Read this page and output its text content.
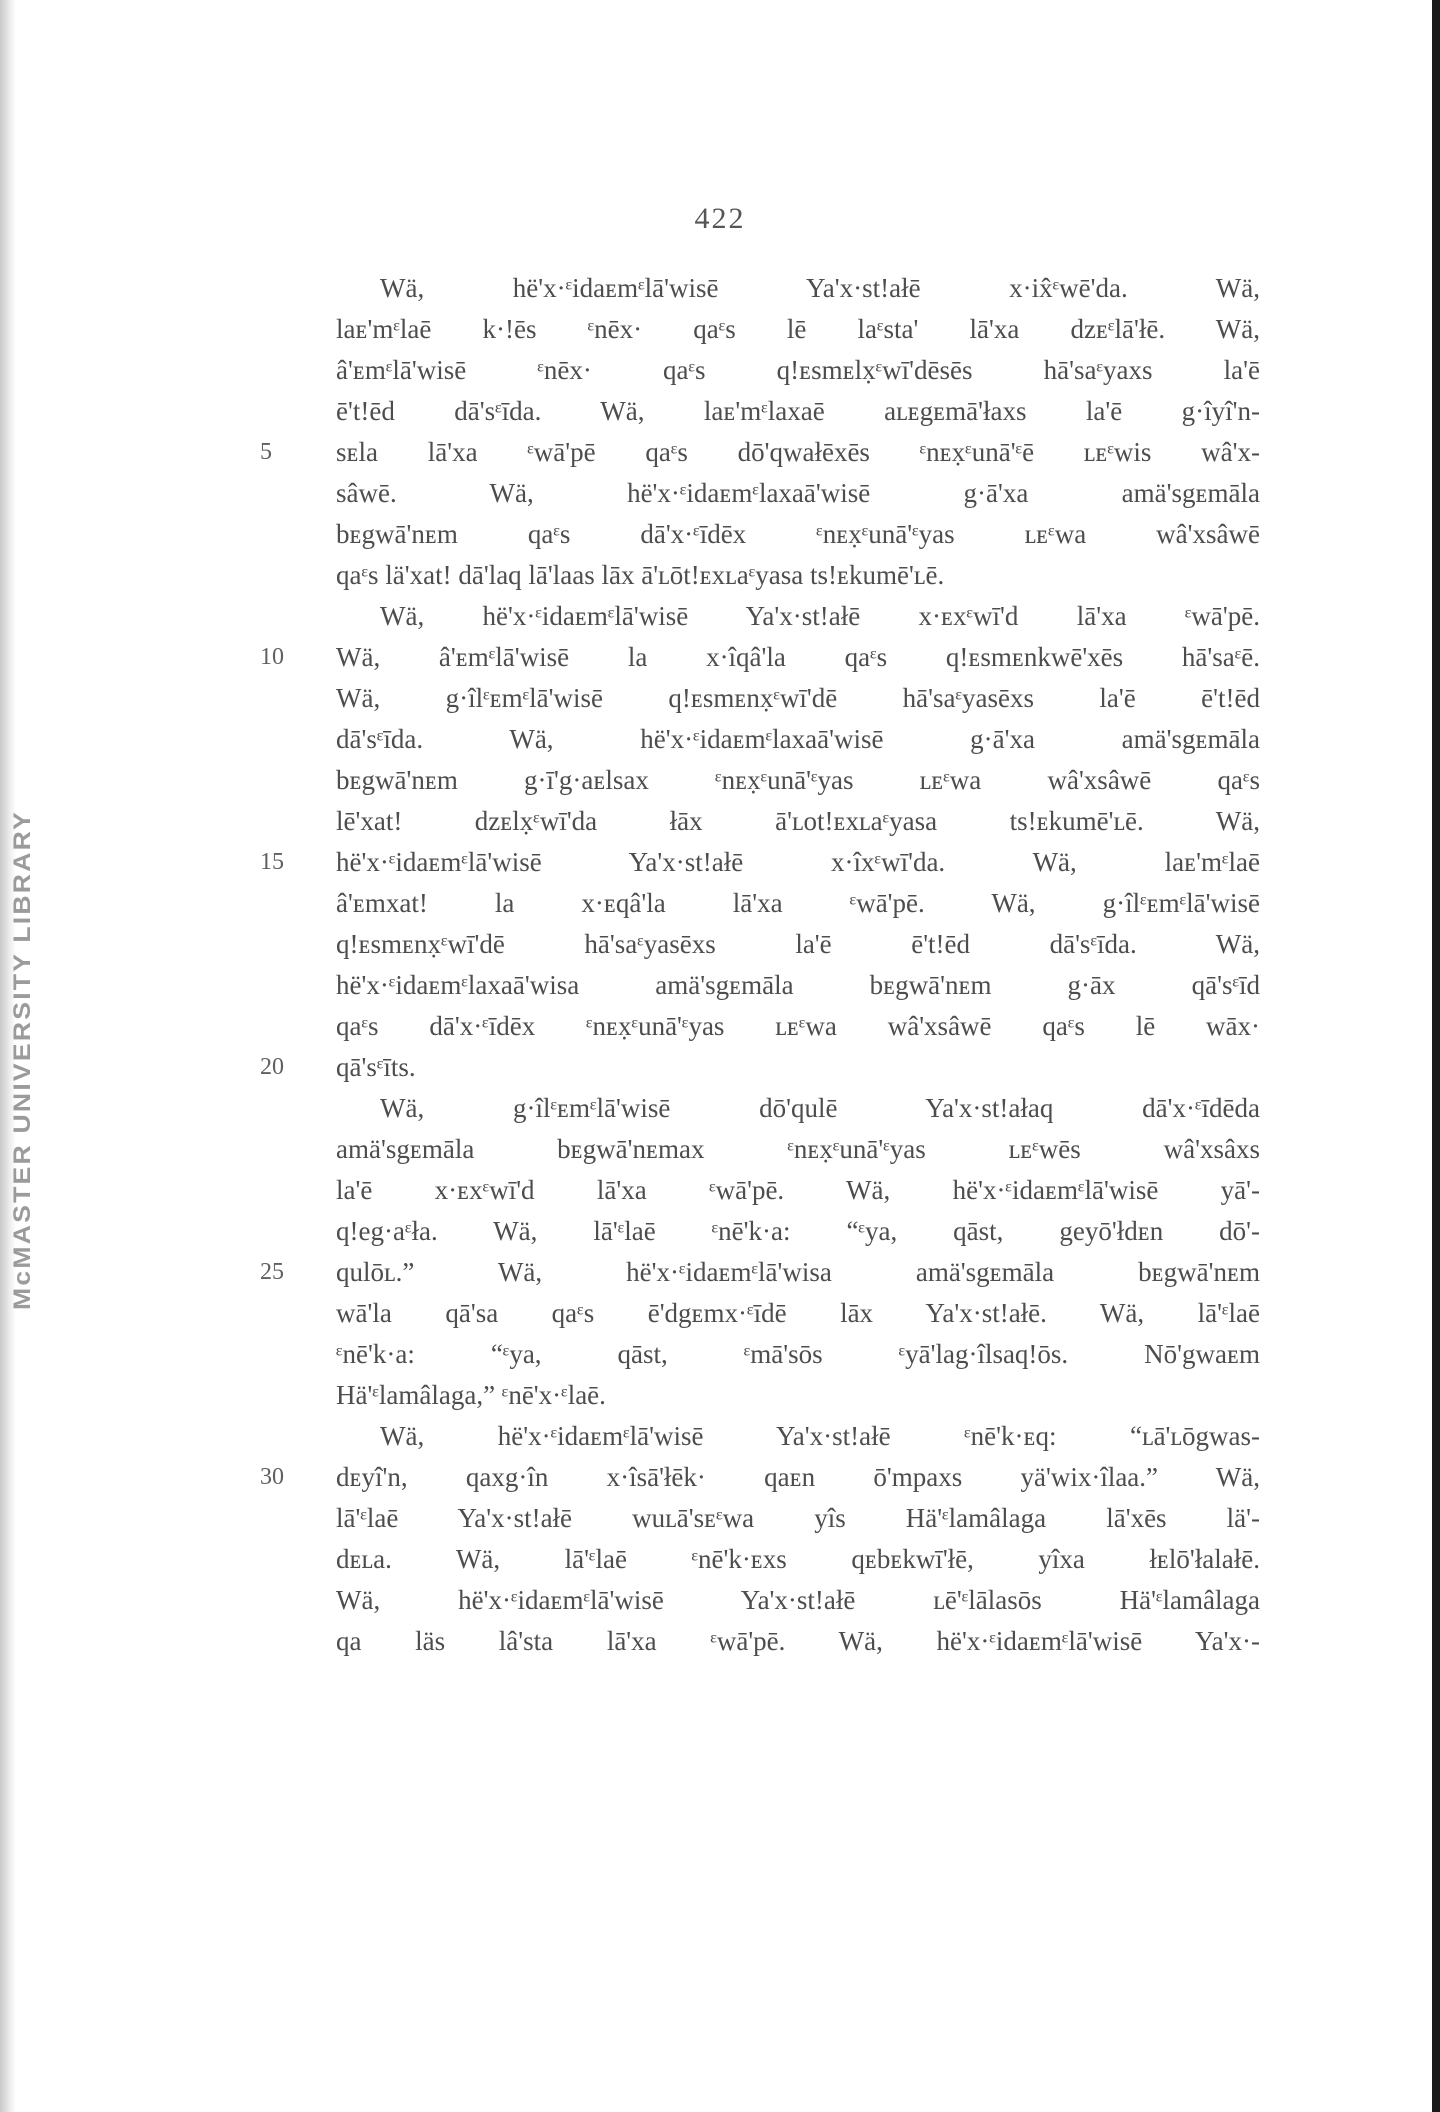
McMASTER UNIVERSITY LIBRARY
422
Wä, hë'x·ᵋidaᴇmᵋlā'wisē Ya'x·st!ałē x·ix̂ᵋwē'da. Wä,
laᴇ'mᵋlaē k·!ēs ᵋnēx· qaᵋs lē laᵋsta' lā'xa dzᴇᵋlā'łē. Wä,
â'ᴇmᵋlā'wisē ᵋnēx· qaᵋs q!ᴇsmᴇlx̣ᵋwī'dēsēs hā'saᵋyaxs la'ē
ē't!ēd dā'sᵋīda. Wä, laᴇ'mᵋlaxaē aʟᴇgᴇmā'łaxs la'ē g·îyî'n-
5	sᴇla lā'xa ᵋwā'pē qaᵋs dō'qwałēxēs ᵋnᴇx̣ᵋunā'ᵋē ʟᴇᵋwis wâ'x-
sâwē. Wä, hë'x·ᵋidaᴇmᵋlaxaā'wisē g·ā'xa amä'sgᴇmāla
bᴇgwā'nᴇm qaᵋs dā'x·ᵋīdēx ᵋnᴇx̣ᵋunā'ᵋyas ʟᴇᵋwa wâ'xsâwē
qaᵋs lä'xat! dā'laq lā'laas lāx ā'ʟōt!ᴇxʟaᵋyasa ts!ᴇkumē'ʟē.
Wä, hë'x·ᵋidaᴇmᵋlā'wisē Ya'x·st!ałē x·ᴇxᵋwī'd lā'xa ᵋwā'pē.
10	Wä, â'ᴇmᵋlā'wisē la x·îqâ'la qaᵋs q!ᴇsmᴇnkwē'xēs hā'saᵋē.
Wä, g·îlᵋᴇmᵋlā'wisē q!ᴇsmᴇnx̣ᵋwī'dē hā'saᵋyasēxs la'ē ē't!ēd
dā'sᵋīda. Wä, hë'x·ᵋidaᴇmᵋlaxaā'wisē g·ā'xa amä'sgᴇmāla
bᴇgwā'nᴇm g·ī'g·aᴇlsax ᵋnᴇx̣ᵋunā'ᵋyas ʟᴇᵋwa wâ'xsâwē qaᵋs
lē'xat! dzᴇlx̣ᵋwī'da łāx ā'ʟot!ᴇxʟaᵋyasa ts!ᴇkumē'ʟē. Wä,
15	hë'x·ᵋidaᴇmᵋlā'wisē Ya'x·st!ałē x·îxᵋwī'da. Wä, laᴇ'mᵋlaē
â'ᴇmxat! la x·ᴇqâ'la lā'xa ᵋwā'pē. Wä, g·îlᵋᴇmᵋlā'wisē
q!ᴇsmᴇnx̣ᵋwī'dē hā'saᵋyasēxs la'ē ē't!ēd dā'sᵋīda. Wä,
hë'x·ᵋidaᴇmᵋlaxaā'wisa amä'sgᴇmāla bᴇgwā'nᴇm g·āx qā'sᵋīd
qaᵋs dā'x·ᵋīdēx ᵋnᴇx̣ᵋunā'ᵋyas ʟᴇᵋwa wâ'xsâwē qaᵋs lē wāx·
20	qā'sᵋīts.
Wä, g·îlᵋᴇmᵋlā'wisē dō'qulē Ya'x·st!ałaq dā'x·ᵋīdēda
amä'sgᴇmāla bᴇgwā'nᴇmax ᵋnᴇx̣ᵋunā'ᵋyas ʟᴇᵋwēs wâ'xsâxs
la'ē x·ᴇxᵋwī'd lā'xa ᵋwā'pē. Wä, hë'x·ᵋidaᴇmᵋlā'wisē yā'-
q!eg·aᵋła. Wä, lā'ᵋlaē ᵋnē'k·a: “ᵋya, qāst, geyō'łdᴇn dō'-
25	qulōʟ.” Wä, hë'x·ᵋidaᴇmᵋlā'wisa amä'sgᴇmāla bᴇgwā'nᴇm
wā'la qā'sa qaᵋs ē'dgᴇmx·ᵋīdē lāx Ya'x·st!ałē. Wä, lā'ᵋlaē
ᵋnē'k·a: “ᵋya, qāst, ᵋmā'sōs ᵋyā'lag·îlsaq!ōs. Nō'gwaᴇm
Hä'ᵋlamâlaga,” ᵋnē'x·ᵋlaē.
Wä, hë'x·ᵋidaᴇmᵋlā'wisē Ya'x·st!ałē ᵋnē'k·ᴇq: “ʟā'ʟōgwas-
30	dᴇyî'n, qaxg·în x·îsā'łēk· qaᴇn ō'mpaxs yä'wix·îlaa.” Wä,
lā'ᵋlaē Ya'x·st!ałē wuʟā'sᴇᵋwa yîs Hä'ᵋlamâlaga lā'xēs lä'-
dᴇʟa. Wä, lā'ᵋlaē ᵋnē'k·ᴇxs qᴇbᴇkwī'łē, yîxa łᴇlō'łalałē.
Wä, hë'x·ᵋidaᴇmᵋlā'wisē Ya'x·st!ałē ʟē'ᵋlālasōs Hä'ᵋlamâlaga
qa läs lâ'sta lā'xa ᵋwā'pē. Wä, hë'x·ᵋidaᴇmᵋlā'wisē Ya'x·-
